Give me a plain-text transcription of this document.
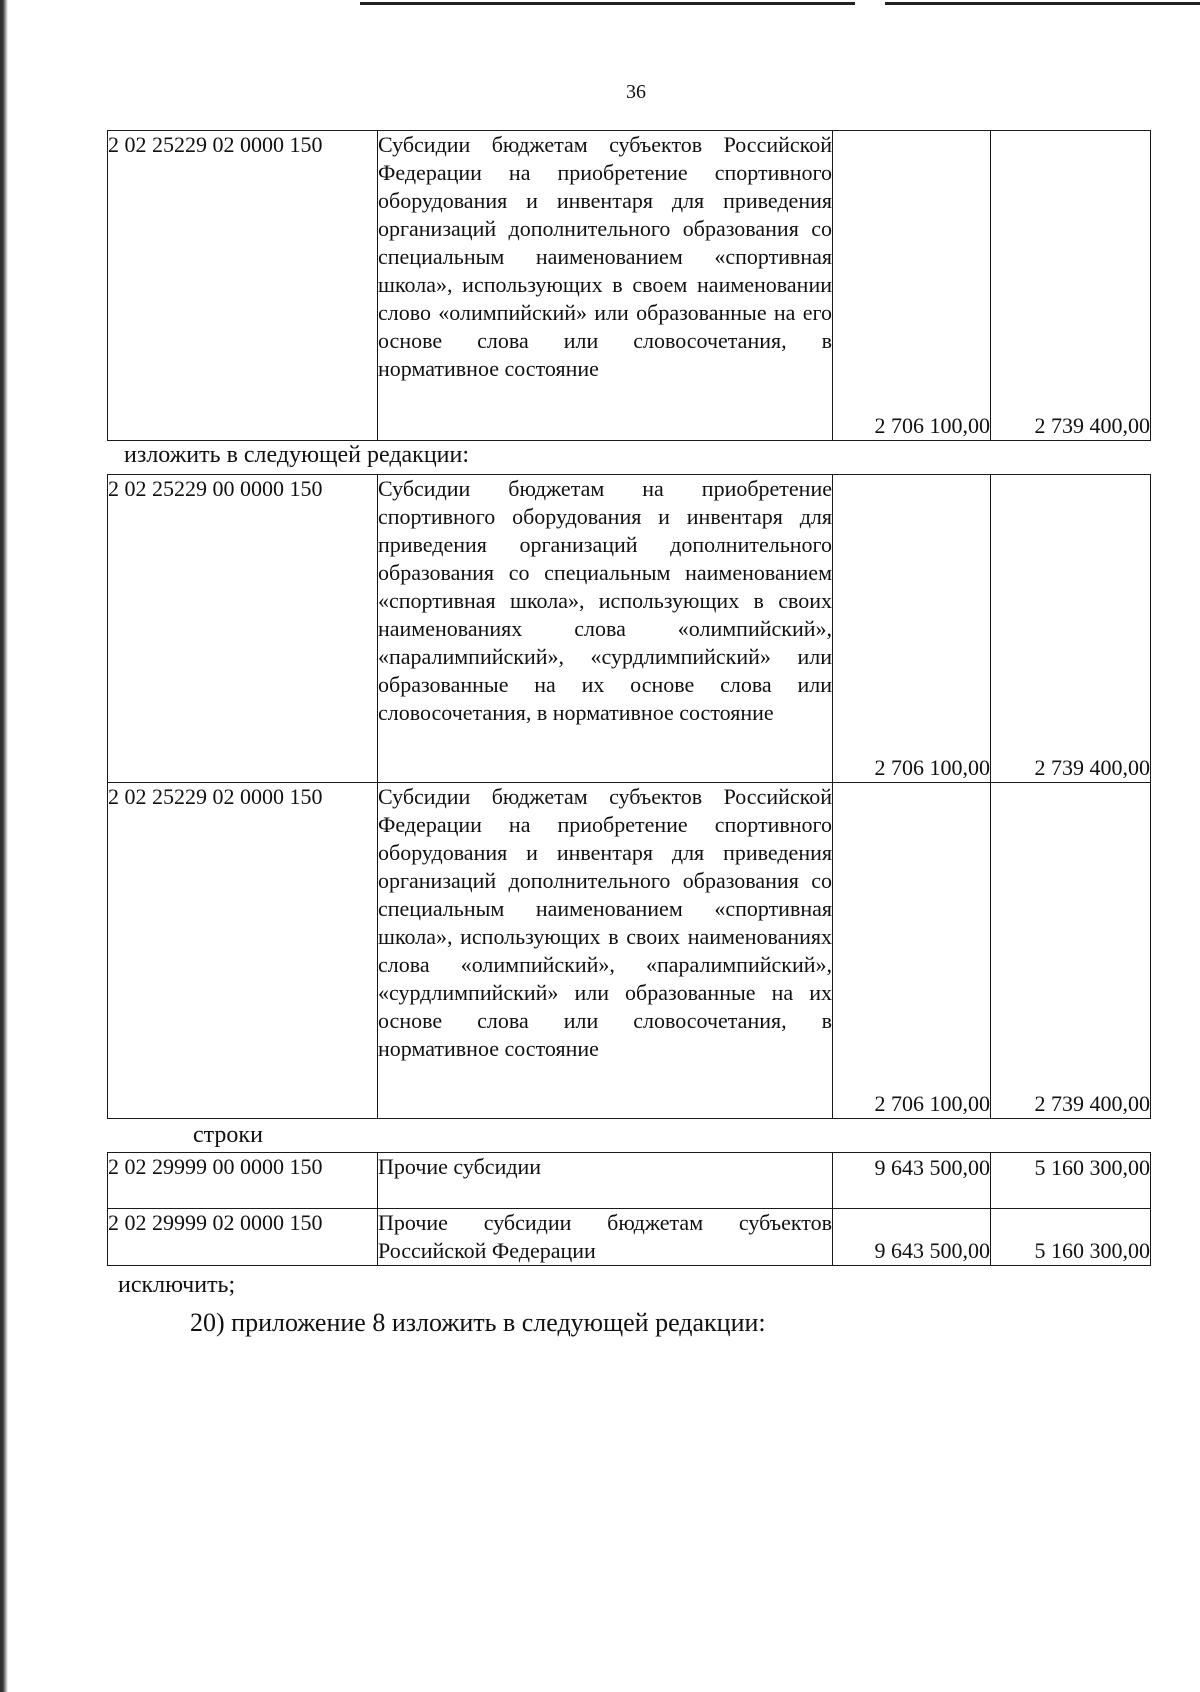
36
2 02 25229 02 0000 150	Субсидии бюджетам субъектов Российской Федерации на приобретение спортивного оборудования и инвентаря для приведения организаций дополнительного образования со специальным наименованием «спортивная школа», использующих в своем наименовании слово «олимпийский» или образованные на его основе слова или словосочетания, в нормативное состояние
	2 706 100,00	2 739 400,00
изложить в следующей редакции:
2 02 25229 00 0000 150	Субсидии бюджетам на приобретение спортивного оборудования и инвентаря для приведения организаций дополнительного образования со специальным наименованием «спортивная школа», использующих в своих наименованиях слова «олимпийский», «паралимпийский», «сурдлимпийский» или образованные на их основе слова или словосочетания, в нормативное состояние	2 706 100,00	2 739 400,00
2 02 25229 02 0000 150	Субсидии бюджетам субъектов Российской Федерации на приобретение спортивного оборудования и инвентаря для приведения организаций дополнительного образования со специальным наименованием «спортивная школа», использующих в своих наименованиях слова «олимпийский», «паралимпийский», «сурдлимпийский» или образованные на их основе слова или словосочетания, в нормативное состояние	2 706 100,00	2 739 400,00
строки
2 02 29999 00 0000 150	Прочие субсидии	9 643 500,00	5 160 300,00
2 02 29999 02 0000 150	Прочие субсидии бюджетам субъектов Российской Федерации	9 643 500,00	5 160 300,00
исключить;
20) приложение 8 изложить в следующей редакции:
